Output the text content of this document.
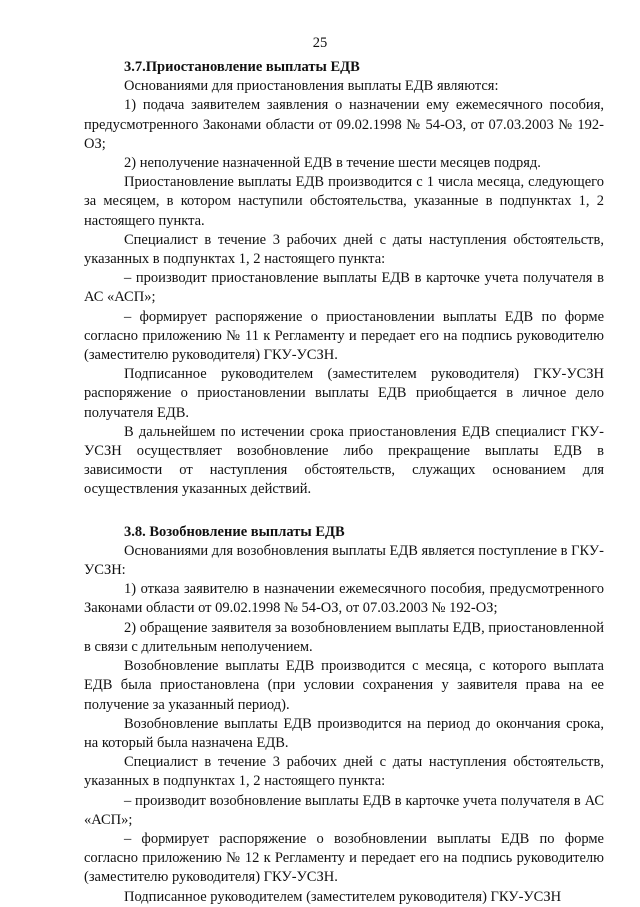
25

3.7.Приостановление выплаты ЕДВ

Основаниями для приостановления выплаты ЕДВ являются:

1) подача заявителем заявления о назначении ему ежемесячного пособия, предусмотренного Законами области от 09.02.1998 № 54-ОЗ, от 07.03.2003 № 192-ОЗ;

2) неполучение назначенной ЕДВ в течение шести месяцев подряд.

Приостановление выплаты ЕДВ производится с 1 числа месяца, следующего за месяцем, в котором наступили обстоятельства, указанные в подпунктах 1, 2 настоящего пункта.

Специалист в течение 3 рабочих дней с даты наступления обстоятельств, указанных в подпунктах 1, 2 настоящего пункта:

– производит приостановление выплаты ЕДВ в карточке учета получателя в АС «АСП»;

– формирует распоряжение о приостановлении выплаты ЕДВ по форме согласно приложению № 11 к Регламенту и передает его на подпись руководителю (заместителю руководителя) ГКУ-УСЗН.

Подписанное руководителем (заместителем руководителя) ГКУ-УСЗН распоряжение о приостановлении выплаты ЕДВ приобщается в личное дело получателя ЕДВ.

В дальнейшем по истечении срока приостановления ЕДВ специалист ГКУ-УСЗН осуществляет возобновление либо прекращение выплаты ЕДВ в зависимости от наступления обстоятельств, служащих основанием для осуществления указанных действий.

3.8. Возобновление выплаты ЕДВ

Основаниями для возобновления выплаты ЕДВ является поступление в ГКУ-УСЗН:

1) отказа заявителю в назначении ежемесячного пособия, предусмотренного Законами области от 09.02.1998 № 54-ОЗ, от 07.03.2003 № 192-ОЗ;

2) обращение заявителя за возобновлением выплаты ЕДВ, приостановленной в связи с длительным неполучением.

Возобновление выплаты ЕДВ производится с месяца, с которого выплата ЕДВ была приостановлена (при условии сохранения у заявителя права на ее получение за указанный период).

Возобновление выплаты ЕДВ производится на период до окончания срока, на который была назначена ЕДВ.

Специалист в течение 3 рабочих дней с даты наступления обстоятельств, указанных в подпунктах 1, 2 настоящего пункта:

– производит возобновление выплаты ЕДВ в карточке учета получателя в АС «АСП»;

– формирует распоряжение о возобновлении выплаты ЕДВ по форме согласно приложению № 12 к Регламенту и передает его на подпись руководителю (заместителю руководителя) ГКУ-УСЗН.

Подписанное руководителем (заместителем руководителя) ГКУ-УСЗН
